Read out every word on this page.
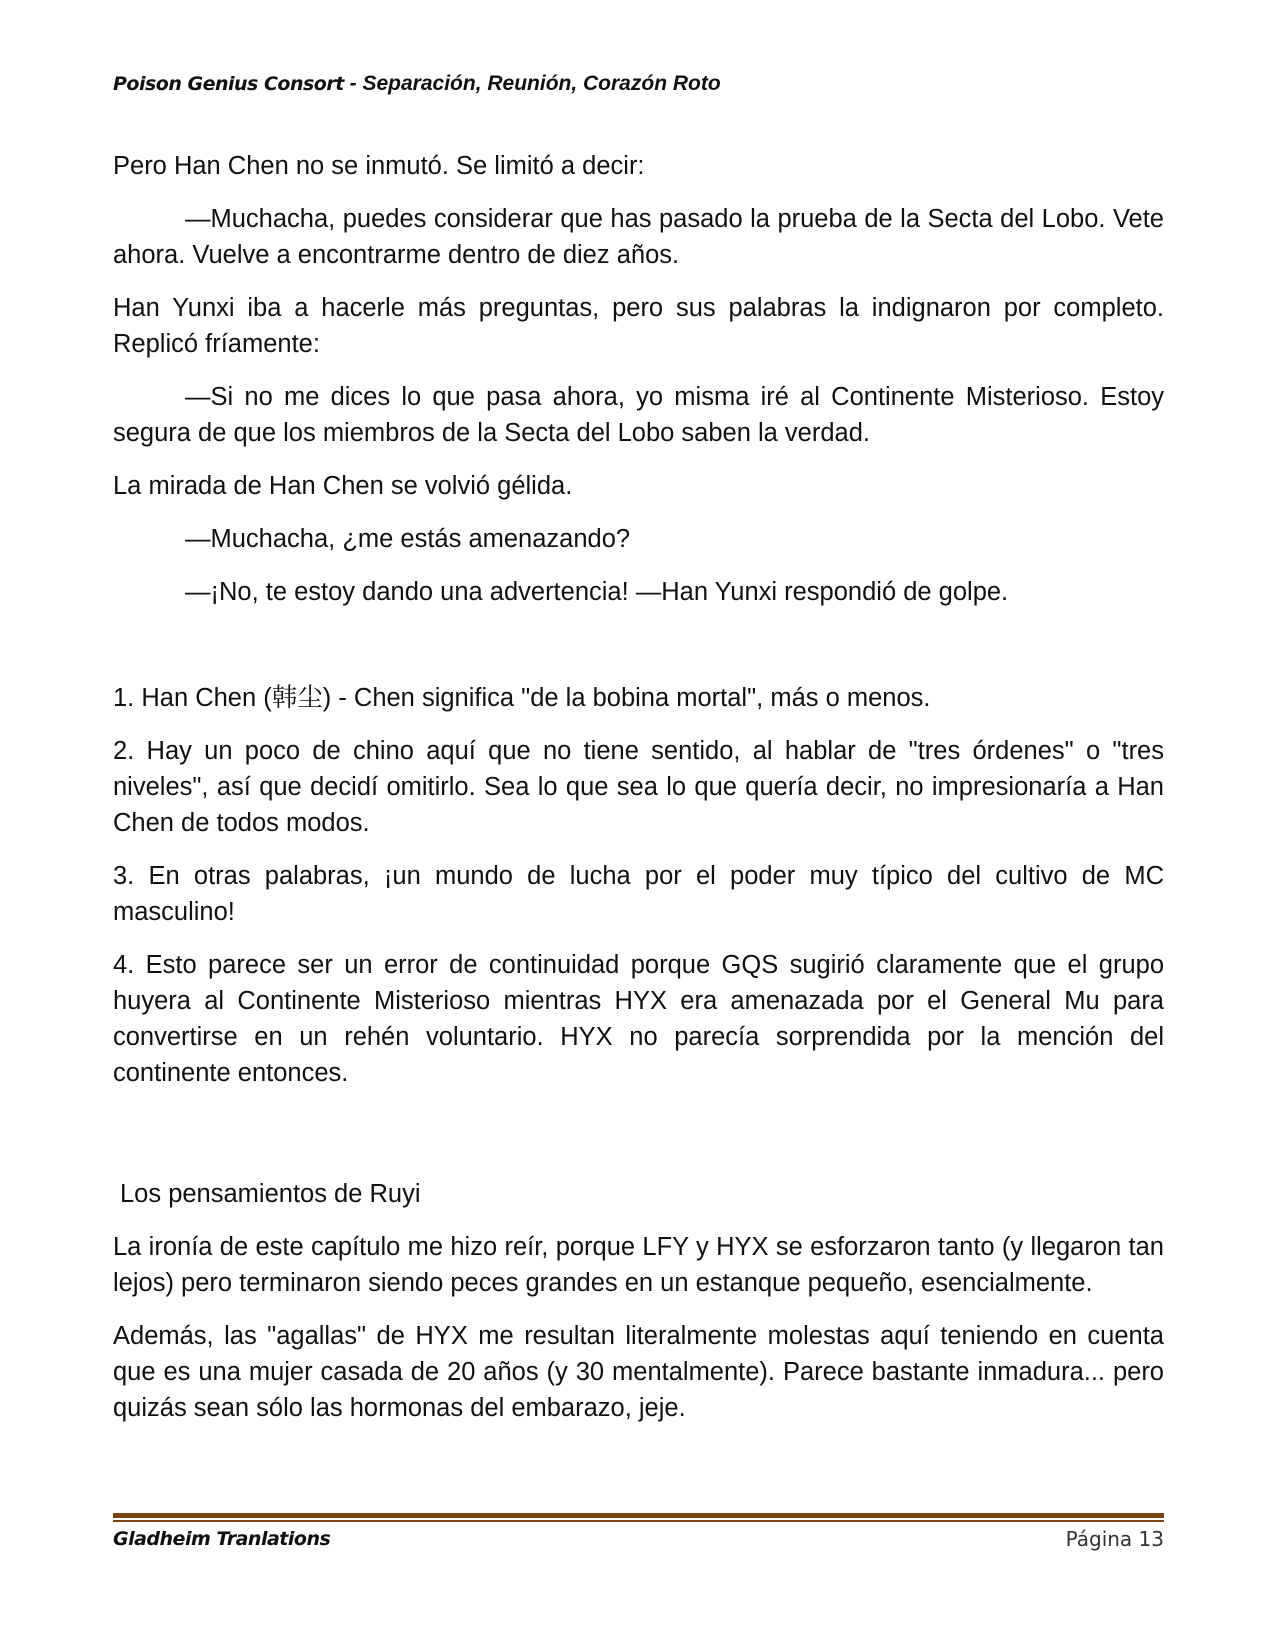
Poison Genius Consort - Separación, Reunión, Corazón Roto

Pero Han Chen no se inmutó. Se limitó a decir:

—Muchacha, puedes considerar que has pasado la prueba de la Secta del Lobo. Vete ahora. Vuelve a encontrarme dentro de diez años.

Han Yunxi iba a hacerle más preguntas, pero sus palabras la indignaron por completo. Replicó fríamente:

—Si no me dices lo que pasa ahora, yo misma iré al Continente Misterioso. Estoy segura de que los miembros de la Secta del Lobo saben la verdad.

La mirada de Han Chen se volvió gélida.

—Muchacha, ¿me estás amenazando?

—¡No, te estoy dando una advertencia! —Han Yunxi respondió de golpe.

1. Han Chen (韩尘) - Chen significa "de la bobina mortal", más o menos.

2. Hay un poco de chino aquí que no tiene sentido, al hablar de "tres órdenes" o "tres niveles", así que decidí omitirlo. Sea lo que sea lo que quería decir, no impresionaría a Han Chen de todos modos.

3. En otras palabras, ¡un mundo de lucha por el poder muy típico del cultivo de MC masculino!

4. Esto parece ser un error de continuidad porque GQS sugirió claramente que el grupo huyera al Continente Misterioso mientras HYX era amenazada por el General Mu para convertirse en un rehén voluntario. HYX no parecía sorprendida por la mención del continente entonces.

Los pensamientos de Ruyi

La ironía de este capítulo me hizo reír, porque LFY y HYX se esforzaron tanto (y llegaron tan lejos) pero terminaron siendo peces grandes en un estanque pequeño, esencialmente.

Además, las "agallas" de HYX me resultan literalmente molestas aquí teniendo en cuenta que es una mujer casada de 20 años (y 30 mentalmente). Parece bastante inmadura... pero quizás sean sólo las hormonas del embarazo, jeje.

Gladheim Tranlations	Página 13
